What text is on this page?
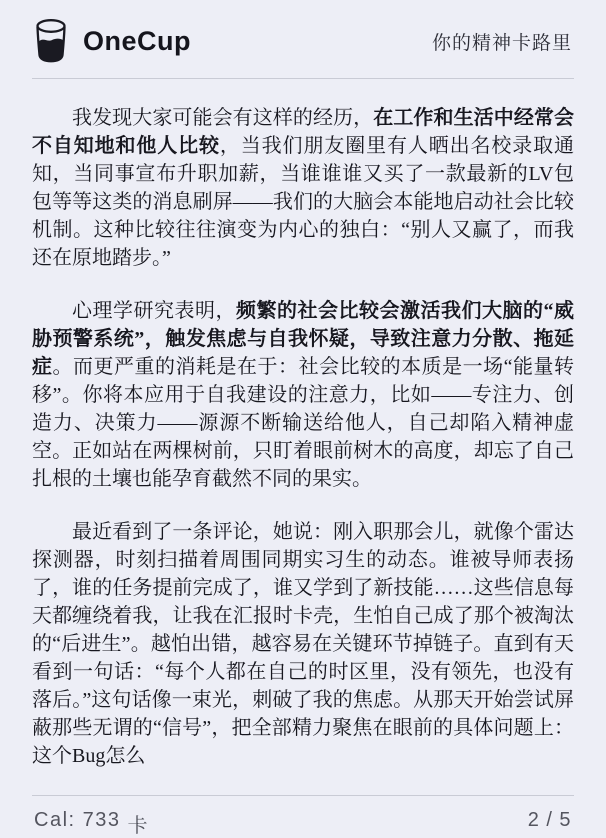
OneCup	你的精神卡路里

我发现大家可能会有这样的经历，在工作和生活中经常会不自知地和他人比较，当我们朋友圈里有人晒出名校录取通知，当同事宣布升职加薪，当谁谁谁又买了一款最新的LV包包等等这类的消息刷屏——我们的大脑会本能地启动社会比较机制。这种比较往往演变为内心的独白：“别人又赢了，而我还在原地踏步。”

心理学研究表明，频繁的社会比较会激活我们大脑的“威胁预警系统”，触发焦虑与自我怀疑，导致注意力分散、拖延症。而更严重的消耗是在于：社会比较的本质是一场“能量转移”。你将本应用于自我建设的注意力，比如——专注力、创造力、决策力——源源不断输送给他人，自己却陷入精神虚空。正如站在两棵树前，只盯着眼前树木的高度，却忘了自己扎根的土壤也能孕育截然不同的果实。

最近看到了一条评论，她说：刚入职那会儿，就像个雷达探测器，时刻扫描着周围同期实习生的动态。谁被导师表扬了，谁的任务提前完成了，谁又学到了新技能……这些信息每天都缠绕着我，让我在汇报时卡壳，生怕自己成了那个被淘汰的“后进生”。越怕出错，越容易在关键环节掉链子。直到有天看到一句话：“每个人都在自己的时区里，没有领先，也没有落后。”这句话像一束光，刺破了我的焦虑。从那天开始尝试屏蔽那些无谓的“信号”，把全部精力聚焦在眼前的具体问题上：这个Bug怎么

Cal: 733 卡	2 / 5
